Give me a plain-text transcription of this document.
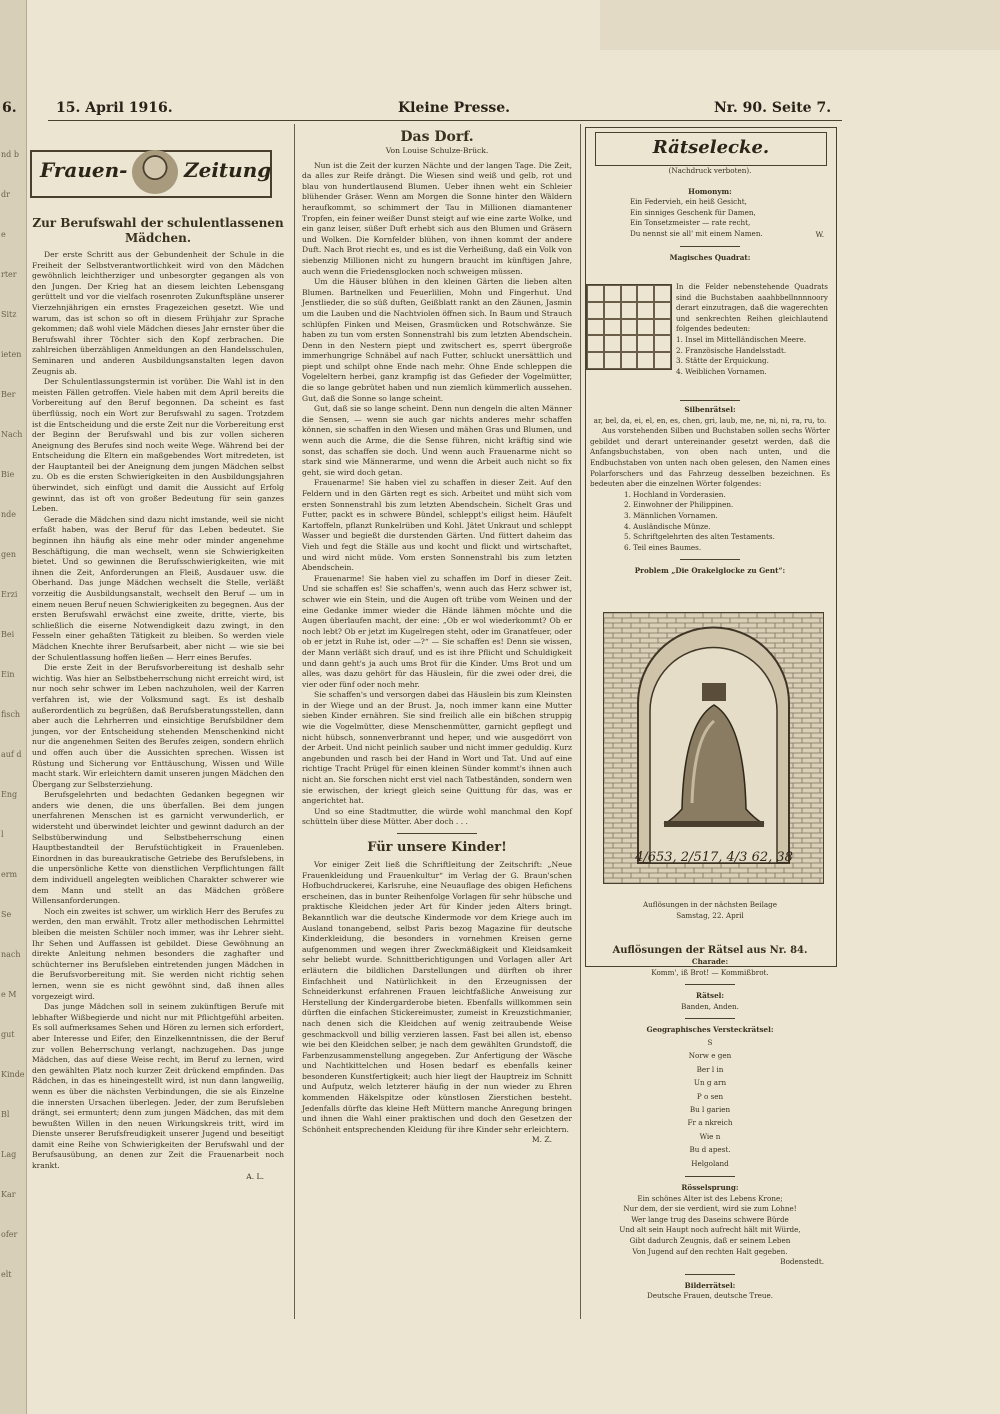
nd b
dr
e
rter
Sitz
ieten
Ber
Nach
Bie
nde
gen
Erzi
Bei
Ein
fisch
auf d
Eng
l
erm
Se
nach
e M
gut
Kinde
Bl
Lag
Kar
ofer
elt
6.	15. April 1916.	Kleine Presse.	Nr. 90. Seite 7.
Frauen-	Zeitung
Zur Berufswahl der schulentlassenen Mädchen.

Der erste Schritt aus der Gebundenheit der Schule in die Freiheit der Selbstverantwortlichkeit wird von den Mädchen gewöhnlich leichtherziger und unbesorgter gegangen als von den Jungen. Der Krieg hat an diesem leichten Lebensgang gerüttelt und vor die vielfach rosenroten Zukunftspläne unserer Vierzehnjährigen ein ernstes Fragezeichen gesetzt. Wie und warum, das ist schon so oft in diesem Frühjahr zur Sprache gekommen; daß wohl viele Mädchen dieses Jahr ernster über die Berufswahl ihrer Töchter sich den Kopf zerbrachen. Die zahlreichen überzähligen Anmeldungen an den Handelsschulen, Seminaren und anderen Ausbildungsanstalten legen davon Zeugnis ab.

Der Schulentlassungstermin ist vorüber. Die Wahl ist in den meisten Fällen getroffen. Viele haben mit dem April bereits die Vorbereitung auf den Beruf begonnen. Da scheint es fast überflüssig, noch ein Wort zur Berufswahl zu sagen. Trotzdem ist die Entscheidung und die erste Zeit nur die Vorbereitung erst der Beginn der Berufswahl und bis zur vollen sicheren Aneignung des Berufes sind noch weite Wege. Während bei der Entscheidung die Eltern ein maßgebendes Wort mitredeten, ist der Hauptanteil bei der Aneignung dem jungen Mädchen selbst zu. Ob es die ersten Schwierigkeiten in den Ausbildungsjahren überwindet, sich einfügt und damit die Aussicht auf Erfolg gewinnt, das ist oft von großer Bedeutung für sein ganzes Leben.

Gerade die Mädchen sind dazu nicht imstande, weil sie nicht erfaßt haben, was der Beruf für das Leben bedeutet. Sie beginnen ihn häufig als eine mehr oder minder angenehme Beschäftigung, die man wechselt, wenn sie Schwierigkeiten bietet. Und so gewinnen die Berufsschwierigkeiten, wie mit ihnen die Zeit, Anforderungen an Fleiß, Ausdauer usw. die Oberhand. Das junge Mädchen wechselt die Stelle, verläßt vorzeitig die Ausbildungsanstalt, wechselt den Beruf — um in einem neuen Beruf neuen Schwierigkeiten zu begegnen. Aus der ersten Berufswahl erwächst eine zweite, dritte, vierte, bis schließlich die eiserne Notwendigkeit dazu zwingt, in den Fesseln einer gehaßten Tätigkeit zu bleiben. So werden viele Mädchen Knechte ihrer Berufsarbeit, aber nicht — wie sie bei der Schulentlassung hoffen ließen — Herr eines Berufes.

Die erste Zeit in der Berufsvorbereitung ist deshalb sehr wichtig. Was hier an Selbstbeherrschung nicht erreicht wird, ist nur noch sehr schwer im Leben nachzuholen, weil der Karren verfahren ist, wie der Volksmund sagt. Es ist deshalb außerordentlich zu begrüßen, daß Berufsberatungsstellen, dann aber auch die Lehrherren und einsichtige Berufsbildner dem jungen, vor der Entscheidung stehenden Menschenkind nicht nur die angenehmen Seiten des Berufes zeigen, sondern ehrlich und offen auch über die Aussichten sprechen. Wissen ist Rüstung und Sicherung vor Enttäuschung, Wissen und Wille macht stark. Wir erleichtern damit unseren jungen Mädchen den Übergang zur Selbsterziehung.

Berufsgelehrten und bedachten Gedanken begegnen wir anders wie denen, die uns überfallen. Bei dem jungen unerfahrenen Menschen ist es garnicht verwunderlich, er widersteht und überwindet leichter und gewinnt dadurch an der Selbstüberwindung und Selbstbeherrschung einen Hauptbestandteil der Berufstüchtigkeit in Frauenleben. Einordnen in das bureaukratische Getriebe des Berufslebens, in die unpersönliche Kette von dienstlichen Verpflichtungen fällt dem individuell angelegten weiblichen Charakter schwerer wie dem Mann und stellt an das Mädchen größere Willensanforderungen.

Noch ein zweites ist schwer, um wirklich Herr des Berufes zu werden, den man erwählt. Trotz aller methodischen Lehrmittel bleiben die meisten Schüler noch immer, was ihr Lehrer sieht. Ihr Sehen und Auffassen ist gebildet. Diese Gewöhnung an direkte Anleitung nehmen besonders die zaghafter und schüchterner ins Berufsleben eintretenden jungen Mädchen in die Berufsvorbereitung mit. Sie werden nicht richtig sehen lernen, wenn sie es nicht gewöhnt sind, daß ihnen alles vorgezeigt wird.

Das junge Mädchen soll in seinem zukünftigen Berufe mit lebhafter Wißbegierde und nicht nur mit Pflichtgefühl arbeiten. Es soll aufmerksames Sehen und Hören zu lernen sich erfordert, aber Interesse und Eifer, den Einzelkenntnissen, die der Beruf zur vollen Beherrschung verlangt, nachzugehen. Das junge Mädchen, das auf diese Weise recht, im Beruf zu lernen, wird den gewählten Platz noch kurzer Zeit drückend empfinden. Das Rädchen, in das es hineingestellt wird, ist nun dann langweilig, wenn es über die nächsten Verbindungen, die sie als Einzelne die innersten Ursachen überlegen. Jeder, der zum Berufsleben drängt, sei ermuntert; denn zum jungen Mädchen, das mit dem bewußten Willen in den neuen Wirkungskreis tritt, wird im Dienste unserer Berufsfreudigkeit unserer Jugend und beseitigt damit eine Reihe von Schwierigkeiten der Berufswahl und der Berufsausübung, an denen zur Zeit die Frauenarbeit noch krankt.

A. L.
Das Dorf.
Von Louise Schulze-Brück.

Nun ist die Zeit der kurzen Nächte und der langen Tage. Die Zeit, da alles zur Reife drängt. Die Wiesen sind weiß und gelb, rot und blau von hundertlausend Blumen. Ueber ihnen weht ein Schleier blühender Gräser. Wenn am Morgen die Sonne hinter den Wäldern heraufkommt, so schimmert der Tau in Millionen diamantener Tropfen, ein feiner weißer Dunst steigt auf wie eine zarte Wolke, und ein ganz leiser, süßer Duft erhebt sich aus den Blumen und Gräsern und Wolken. Die Kornfelder blühen, von ihnen kommt der andere Duft. Nach Brot riecht es, und es ist die Verheißung, daß ein Volk von siebenzig Millionen nicht zu hungern braucht im künftigen Jahre, auch wenn die Friedensglocken noch schweigen müssen.

Um die Häuser blühen in den kleinen Gärten die lieben alten Blumen. Bartnelken und Feuerlilien, Mohn und Fingerhut. Und Jenstlieder, die so süß duften, Geißblatt rankt an den Zäunen, Jasmin um die Lauben und die Nachtviolen öffnen sich. In Baum und Strauch schlüpfen Finken und Meisen, Grasmücken und Rotschwänze. Sie haben zu tun vom ersten Sonnenstrahl bis zum letzten Abendschein. Denn in den Nestern piept und zwitschert es, sperrt übergroße immerhungrige Schnäbel auf nach Futter, schluckt unersättlich und piept und schilpt ohne Ende nach mehr. Ohne Ende schleppen die Vogeleltern herbei, ganz krampfig ist das Gefieder der Vogelmütter, die so lange gebrütet haben und nun ziemlich kümmerlich aussehen. Gut, daß die Sonne so lange scheint.

Gut, daß sie so lange scheint. Denn nun dengeln die alten Männer die Sensen, — wenn sie auch gar nichts anderes mehr schaffen können, sie schaffen in den Wiesen und mähen Gras und Blumen, und wenn auch die Arme, die die Sense führen, nicht kräftig sind wie sonst, das schaffen sie doch. Und wenn auch Frauenarme nicht so stark sind wie Männerarme, und wenn die Arbeit auch nicht so fix geht, sie wird doch getan.

Frauenarme! Sie haben viel zu schaffen in dieser Zeit. Auf den Feldern und in den Gärten regt es sich. Arbeitet und müht sich vom ersten Sonnenstrahl bis zum letzten Abendschein. Sichelt Gras und Futter, packt es in schwere Bündel, schleppt's eiligst heim. Häufelt Kartoffeln, pflanzt Runkelrüben und Kohl. Jätet Unkraut und schleppt Wasser und begießt die durstenden Gärten. Und füttert daheim das Vieh und fegt die Ställe aus und kocht und flickt und wirtschaftet, und wird nicht müde. Vom ersten Sonnenstrahl bis zum letzten Abendschein.

Frauenarme! Sie haben viel zu schaffen im Dorf in dieser Zeit. Und sie schaffen es! Sie schaffen's, wenn auch das Herz schwer ist, schwer wie ein Stein, und die Augen oft trübe vom Weinen und der eine Gedanke immer wieder die Hände lähmen möchte und die Augen überlaufen macht, der eine: „Ob er wol wiederkommt? Ob er noch lebt? Ob er jetzt im Kugelregen steht, oder im Granatfeuer, oder ob er jetzt in Ruhe ist, oder —?“ — Sie schaffen es! Denn sie wissen, der Mann verläßt sich drauf, und es ist ihre Pflicht und Schuldigkeit und dann geht's ja auch ums Brot für die Kinder. Ums Brot und um alles, was dazu gehört für das Häuslein, für die zwei oder drei, die vier oder fünf oder noch mehr.

Sie schaffen's und versorgen dabei das Häuslein bis zum Kleinsten in der Wiege und an der Brust. Ja, noch immer kann eine Mutter sieben Kinder ernähren. Sie sind freilich alle ein bißchen struppig wie die Vogelmütter, diese Menschenmütter, garnicht gepflegt und nicht hübsch, sonnenverbrannt und heper, und wie ausgedörrt von der Arbeit. Und nicht peinlich sauber und nicht immer geduldig. Kurz angebunden und rasch bei der Hand in Wort und Tat. Und auf eine richtige Tracht Prügel für einen kleinen Sünder kommt's ihnen auch nicht an. Sie forschen nicht erst viel nach Tatbeständen, sondern wen sie erwischen, der kriegt gleich seine Quittung für das, was er angerichtet hat.

Und so eine Stadtmutter, die würde wohl manchmal den Kopf schütteln über diese Mütter. Aber doch . . .

Für unsere Kinder!

Vor einiger Zeit ließ die Schriftleitung der Zeitschrift: „Neue Frauenkleidung und Frauenkultur“ im Verlag der G. Braun'schen Hofbuchdruckerei, Karlsruhe, eine Neuauflage des obigen Hefichens erscheinen, das in bunter Reihenfolge Vorlagen für sehr hübsche und praktische Kleidchen jeder Art für Kinder jeden Alters bringt. Bekanntlich war die deutsche Kindermode vor dem Kriege auch im Ausland tonangebend, selbst Paris bezog Magazine für deutsche Kinderkleidung, die besonders in vornehmen Kreisen gerne aufgenommen und wegen ihrer Zweckmäßigkeit und Kleidsamkeit sehr beliebt wurde. Schnittberichtigungen und Vorlagen aller Art erläutern die bildlichen Darstellungen und dürften ob ihrer Einfachheit und Natürlichkeit in den Erzeugnissen der Schneiderkunst erfahrenen Frauen leichtfaßliche Anweisung zur Herstellung der Kindergarderobe bieten. Ebenfalls willkommen sein dürften die einfachen Stickereimuster, zumeist in Kreuzstichmanier, nach denen sich die Kleidchen auf wenig zeitraubende Weise geschmackvoll und billig verzieren lassen. Fast bei allen ist, ebenso wie bei den Kleidchen selber, je nach dem gewählten Grundstoff, die Farbenzusammenstellung angegeben. Zur Anfertigung der Wäsche und Nachtkittelchen und Hosen bedarf es ebenfalls keiner besonderen Kunstfertigkeit; auch hier liegt der Hauptreiz im Schnitt und Aufputz, welch letzterer häufig in der nun wieder zu Ehren kommenden Häkelspitze oder künstlosen Zierstichen besteht. Jedenfalls dürfte das kleine Heft Müttern manche Anregung bringen und ihnen die Wahl einer praktischen und doch den Gesetzen der Schönheit entsprechenden Kleidung für ihre Kinder sehr erleichtern.

M. Z.
Rätselecke.
(Nachdruck verboten).
Homonym:
Ein Federvieh, ein heiß Gesicht,
Ein sinniges Geschenk für Damen,
Ein Tonsetzmeister — rate recht,
Du nennst sie all' mit einem Namen.	W.
Magisches Quadrat:

In die Felder nebenstehende Quadrats sind die Buchstaben aaahbbellnnnnoory derart einzutragen, daß die wagerechten und senkrechten Reihen gleichlautend folgendes bedeuten:

1. Insel im Mittelländischen Meere.
2. Französische Handelsstadt.
3. Stätte der Erquickung.
4. Weiblichen Vornamen.
Silbenrätsel:
ar, bel, da, ei, el, en, es, chen, gri, laub, me, ne, ni, ni, ra, ru, to.

Aus vorstehenden Silben und Buchstaben sollen sechs Wörter gebildet und derart untereinander gesetzt werden, daß die Anfangsbuchstaben, von oben nach unten, und die Endbuchstaben von unten nach oben gelesen, den Namen eines Polarforschers und das Fahrzeug desselben bezeichnen. Es bedeuten aber die einzelnen Wörter folgendes:

1. Hochland in Vorderasien.
2. Einwohner der Philippinen.
3. Männlichen Vornamen.
4. Ausländische Münze.
5. Schriftgelehrten des alten Testaments.
6. Teil eines Baumes.
Problem „Die Orakelglocke zu Gent“:
4/653, 2/517, 4/3 62, 38
Auflösungen in der nächsten Beilage
Samstag, 22. April
Auflösungen der Rätsel aus Nr. 84.
Charade:
Komm', iß Brot! — Kommißbrot.
Rätsel:
Banden, Anden.
Geographisches Versteckrätsel:
S
Norw e gen
Ber l in
Un g arn
P o sen
Bu l garien
Fr a nkreich
Wie n
Bu d apest.
Helgoland
Rösselsprung:
Ein schönes Alter ist des Lebens Krone;
Nur dem, der sie verdient, wird sie zum Lohne!
Wer lange trug des Daseins schwere Bürde
Und alt sein Haupt noch aufrecht hält mit Würde,
Gibt dadurch Zeugnis, daß er seinem Leben
Von Jugend auf den rechten Halt gegeben.
Bodenstedt.
Bilderrätsel:
Deutsche Frauen, deutsche Treue.
